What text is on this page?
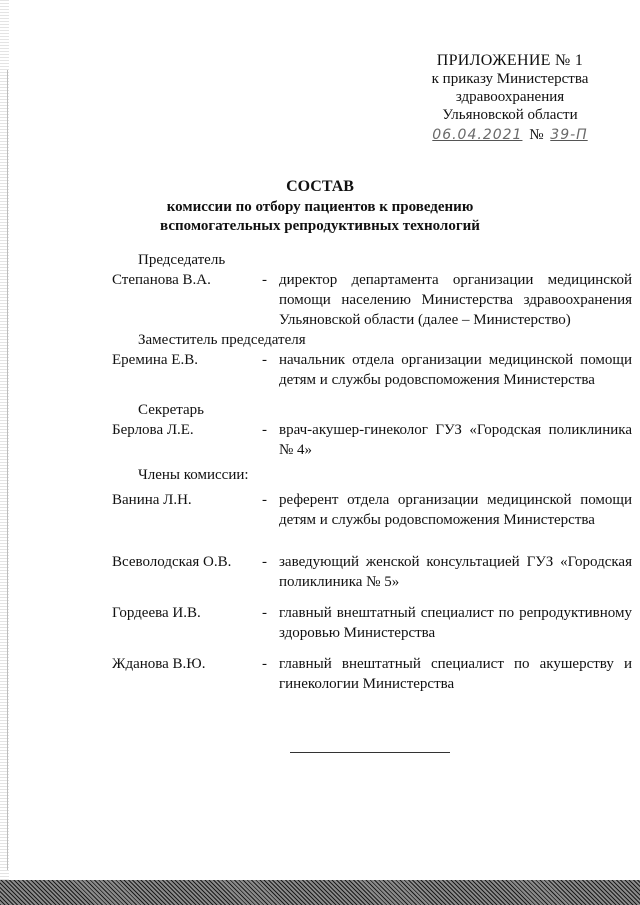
ПРИЛОЖЕНИЕ № 1
к приказу Министерства
здравоохранения
Ульяновской области
06.04.2021 № 39-П
СОСТАВ
комиссии по отбору пациентов к проведению
вспомогательных репродуктивных технологий
Председатель
Степанова В.А.	- директор департамента организации медицинской помощи населению Министерства здравоохранения Ульяновской области (далее – Министерство)
Заместитель председателя
Еремина Е.В.	- начальник отдела организации медицинской помощи детям и службы родовспоможения Министерства
Секретарь
Берлова Л.Е.	- врач-акушер-гинеколог ГУЗ «Городская поликлиника № 4»
Члены комиссии:
Ванина Л.Н.	- референт отдела организации медицинской помощи детям и службы родовспоможения Министерства
Всеволодская О.В.	- заведующий женской консультацией ГУЗ «Городская поликлиника № 5»
Гордеева И.В.	- главный внештатный специалист по репродуктивному здоровью Министерства
Жданова В.Ю.	- главный внештатный специалист по акушерству и гинекологии Министерства
